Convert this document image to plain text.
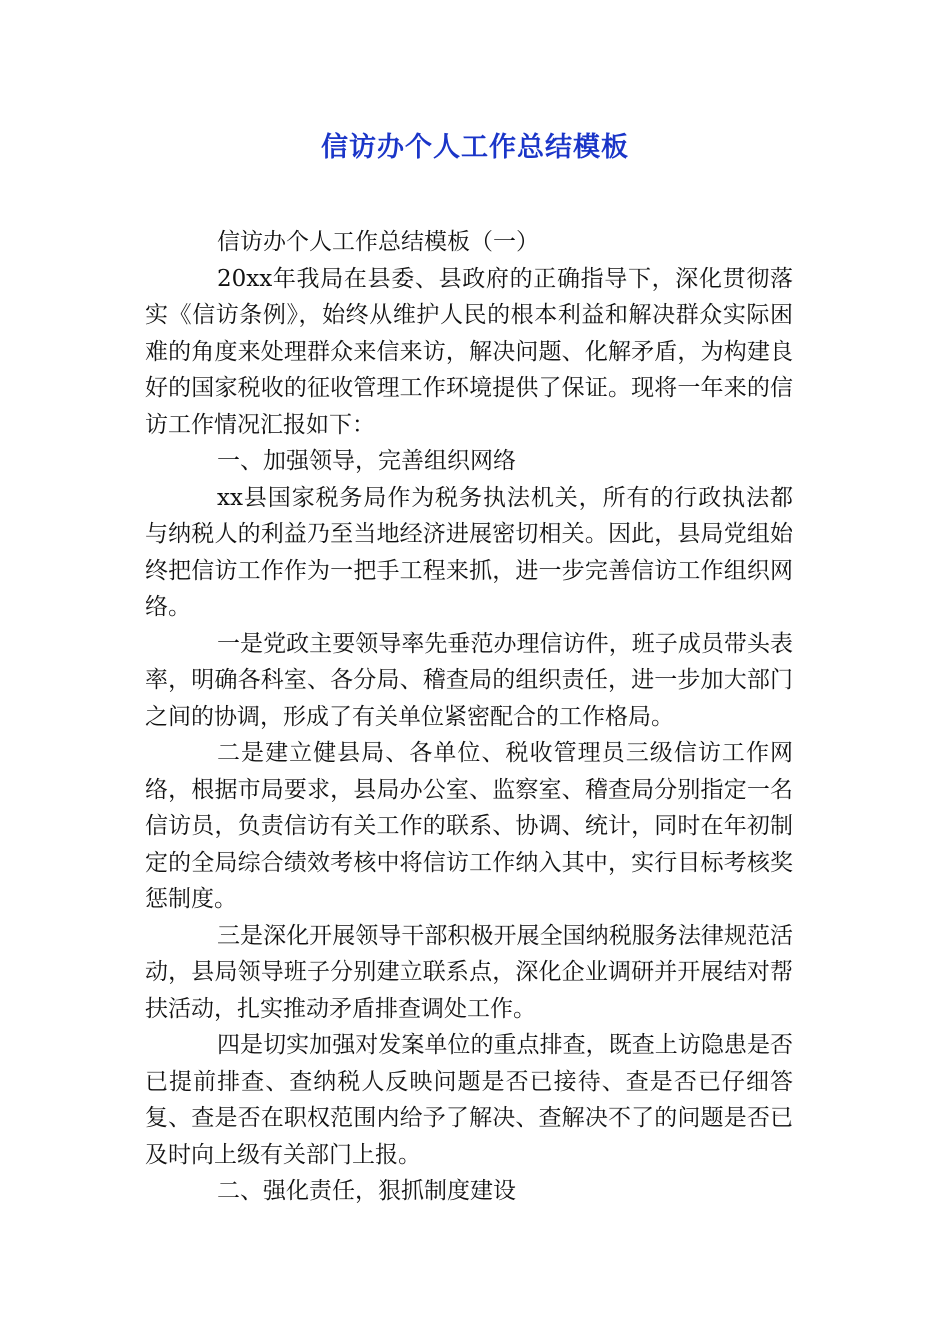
信访办个人工作总结模板

信访办个人工作总结模板（一）

20xx年我局在县委、县政府的正确指导下，深化贯彻落实《信访条例》，始终从维护人民的根本利益和解决群众实际困难的角度来处理群众来信来访，解决问题、化解矛盾，为构建良好的国家税收的征收管理工作环境提供了保证。现将一年来的信访工作情况汇报如下：

一、加强领导，完善组织网络

xx县国家税务局作为税务执法机关，所有的行政执法都与纳税人的利益乃至当地经济进展密切相关。因此，县局党组始终把信访工作作为一把手工程来抓，进一步完善信访工作组织网络。

一是党政主要领导率先垂范办理信访件，班子成员带头表率，明确各科室、各分局、稽查局的组织责任，进一步加大部门之间的协调，形成了有关单位紧密配合的工作格局。

二是建立健县局、各单位、税收管理员三级信访工作网络，根据市局要求，县局办公室、监察室、稽查局分别指定一名信访员，负责信访有关工作的联系、协调、统计，同时在年初制定的全局综合绩效考核中将信访工作纳入其中，实行目标考核奖惩制度。

三是深化开展领导干部积极开展全国纳税服务法律规范活动，县局领导班子分别建立联系点，深化企业调研并开展结对帮扶活动，扎实推动矛盾排查调处工作。

四是切实加强对发案单位的重点排查，既查上访隐患是否已提前排查、查纳税人反映问题是否已接待、查是否已仔细答复、查是否在职权范围内给予了解决、查解决不了的问题是否已及时向上级有关部门上报。

二、强化责任，狠抓制度建设
